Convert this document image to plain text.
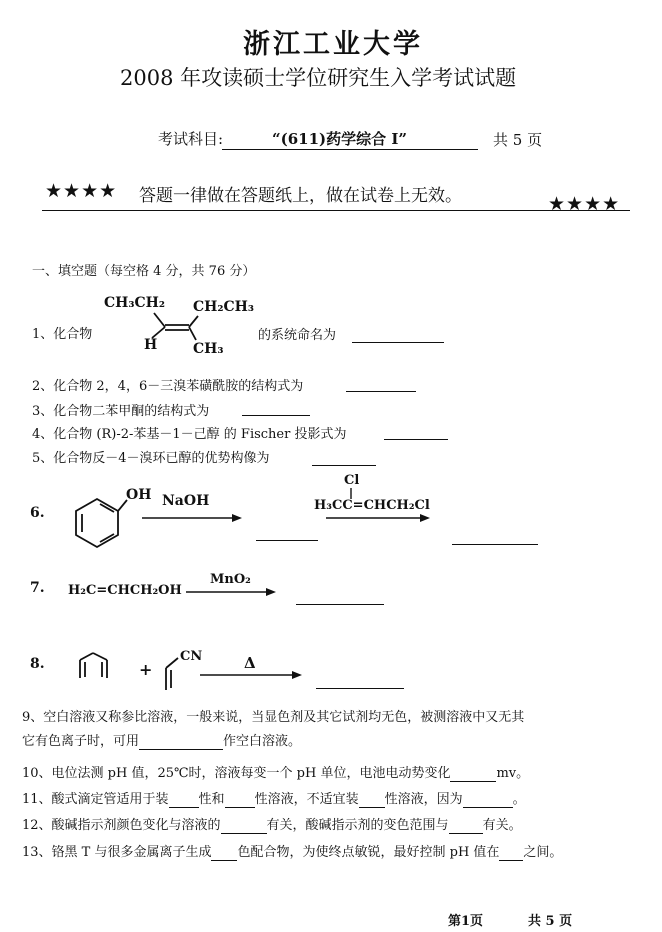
浙江工业大学
2008 年攻读硕士学位研究生入学考试试题
考试科目:	“(611)药学综合 I”	共 5 页
★★★★ 答题一律做在答题纸上，做在试卷上无效。	★★★★
一、填空题（每空格 4 分，共 76 分）
1、化合物
CH₃CH₂ CH₂CH₃
H	CH₃
的系统命名为
2、化合物 2，4，6－三溴苯磺酰胺的结构式为
3、化合物二苯甲酮的结构式为
4、化合物 (R)-2-苯基－1－己醇 的 Fischer 投影式为
5、化合物反－4－溴环已醇的优势构像为
6.
OH NaOH
Cl
H₃CC=CHCH₂Cl
7. H₂C=CHCH₂OH
MnO₂
8.	+
CN	Δ
9、空白溶液又称参比溶液，一般来说，当显色剂及其它试剂均无色，被测溶液中又无其
它有色离子时，可用	作空白溶液。
10、电位法测 pH 值，25℃时，溶液每变一个 pH 单位，电池电动势变化	mv。
11、酸式滴定管适用于装 性和 性溶液，不适宜装 性溶液，因为	。
12、酸碱指示剂颜色变化与溶液的	有关，酸碱指示剂的变色范围与	有关。
13、铬黑 T 与很多金属离子生成 色配合物，为使终点敏锐，最好控制 pH 值在 之间。
第1页	共 5 页
